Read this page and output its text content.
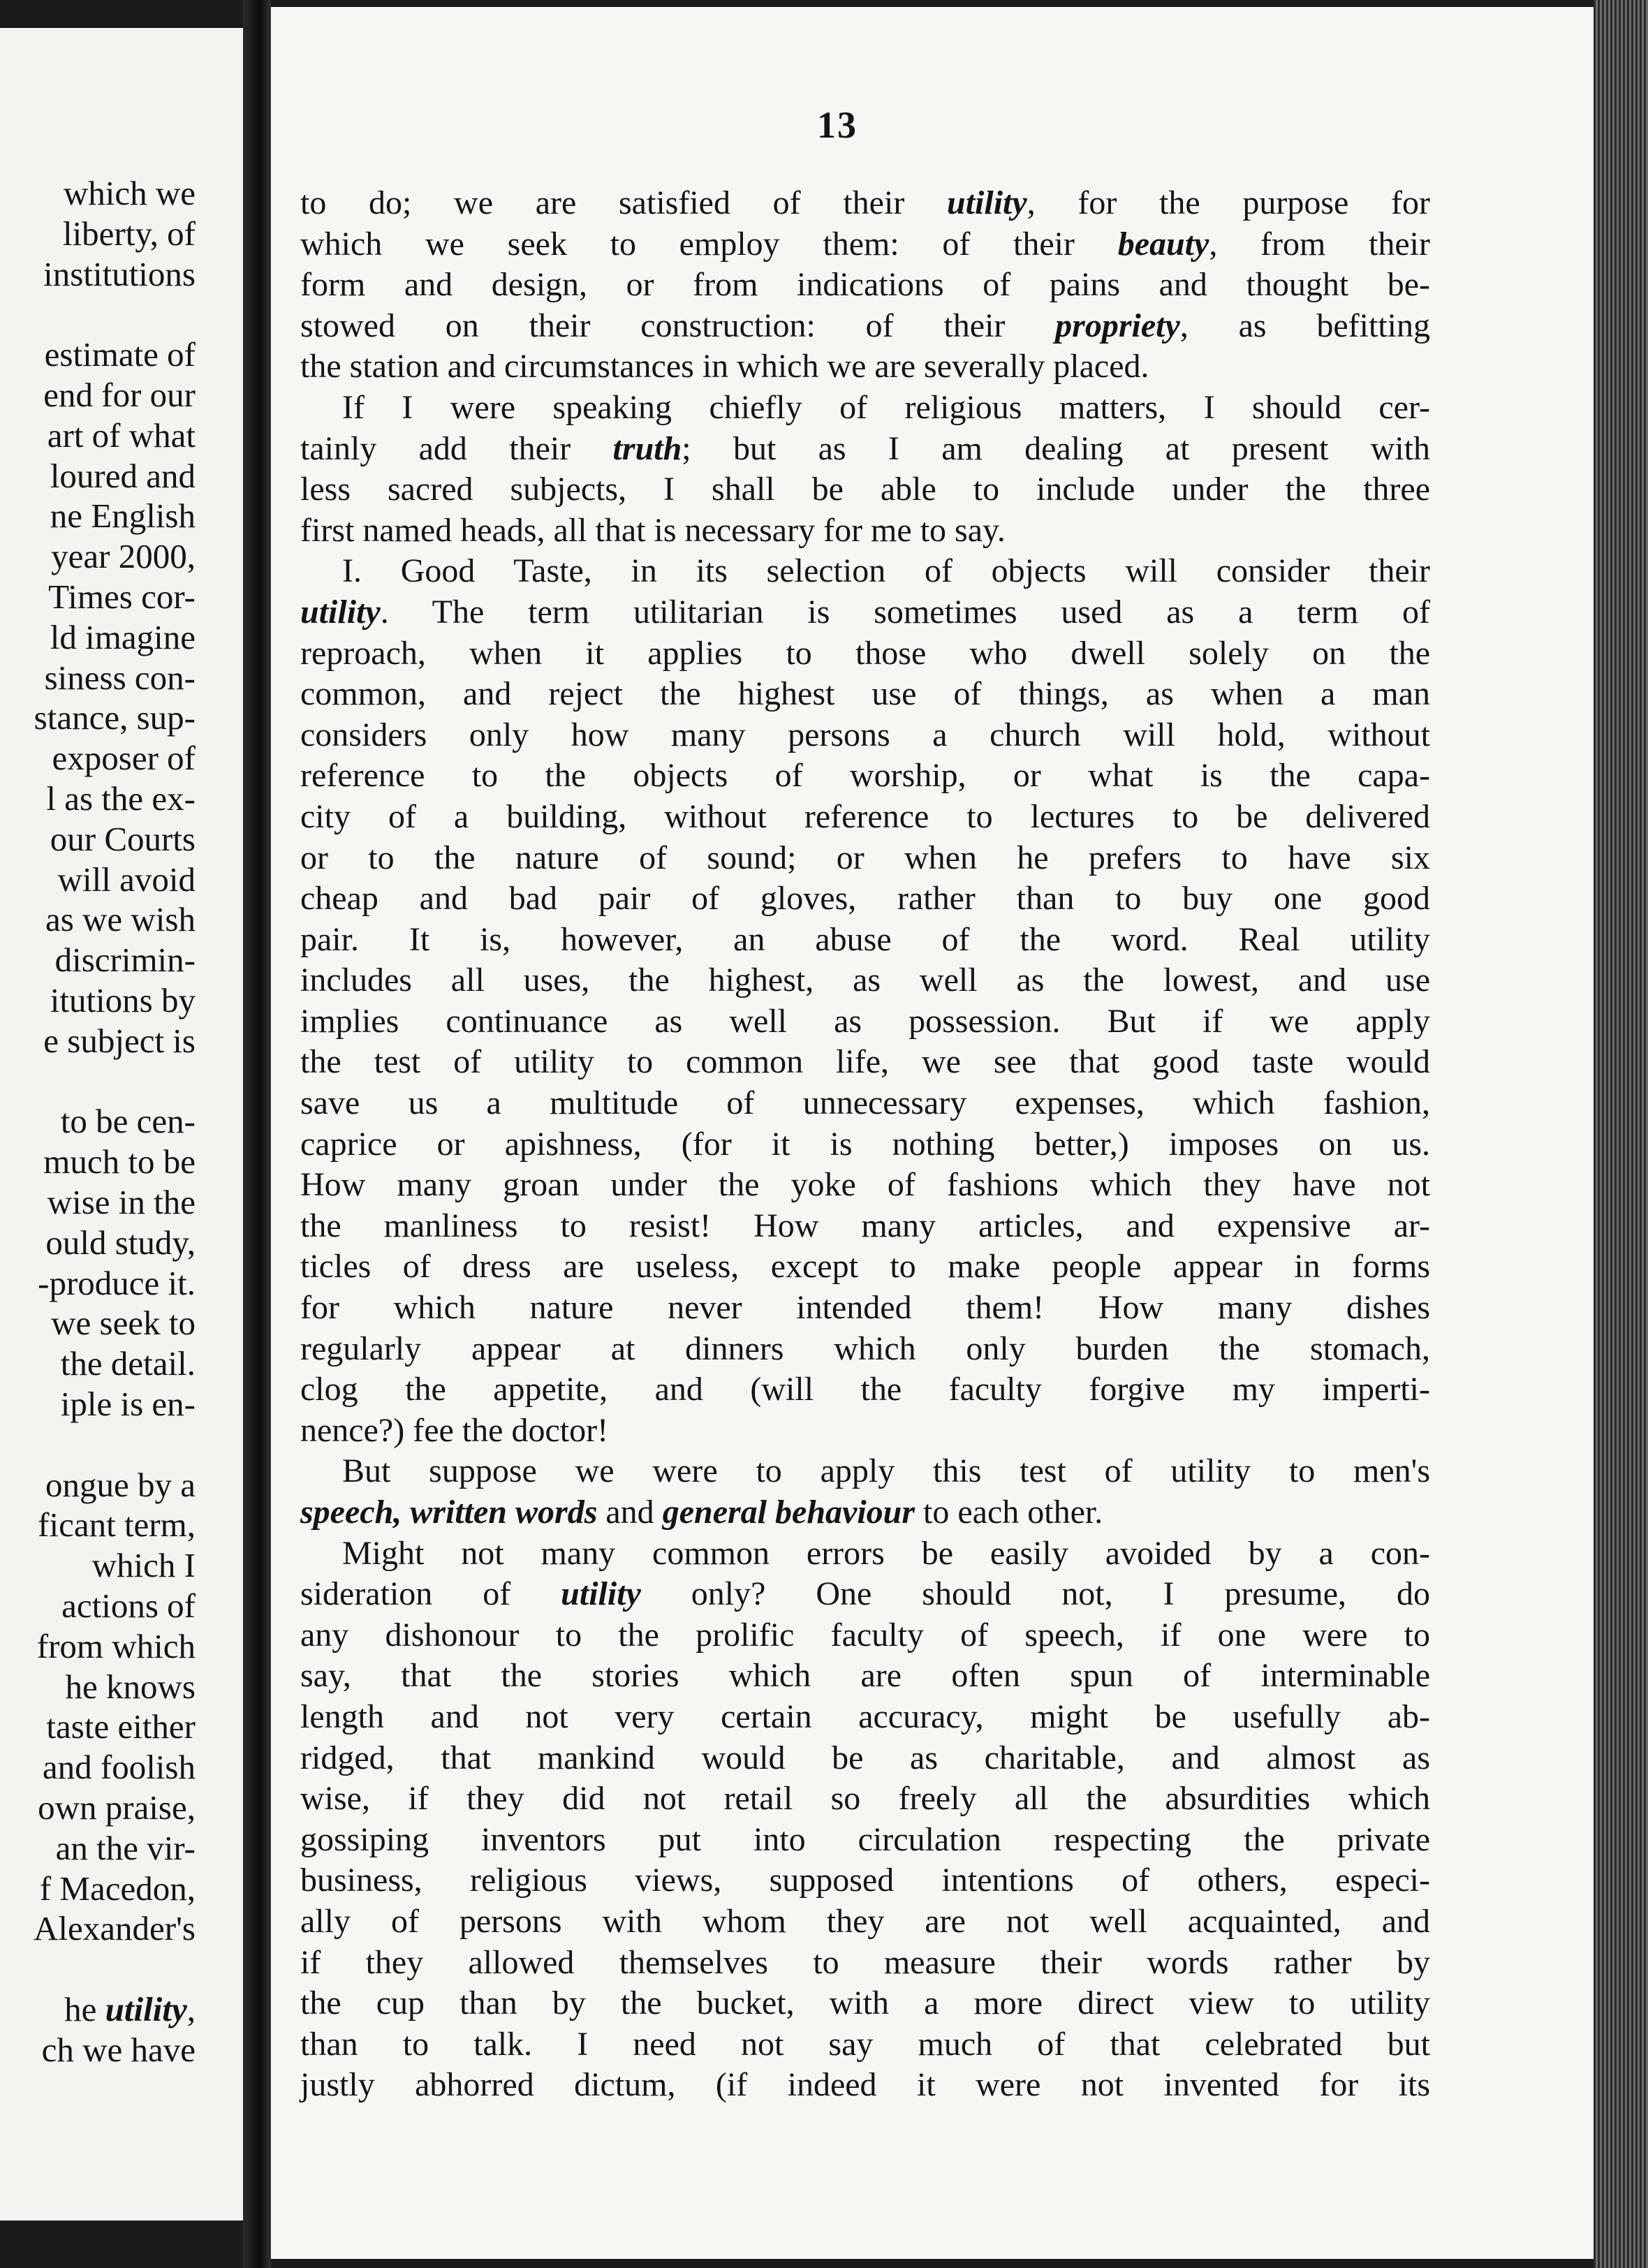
which we
liberty, of
institutions
estimate of
end for our
art of what
loured and
ne English
year 2000,
Times cor-
ld imagine
siness con-
stance, sup-
exposer of
l as the ex-
our Courts
will avoid
as we wish
discrimin-
itutions by
e subject is
to be cen-
much to be
wise in the
ould study,
-produce it.
we seek to
the detail.
iple is en-
ongue by a
ficant term,
which I
actions of
from which
he knows
taste either
and foolish
own praise,
an the vir-
f Macedon,
Alexander's
he utility,
ch we have
13
to do; we are satisfied of their utility, for the purpose for
which we seek to employ them: of their beauty, from their
form and design, or from indications of pains and thought be-
stowed on their construction: of their propriety, as befitting
the station and circumstances in which we are severally placed.
If I were speaking chiefly of religious matters, I should cer-
tainly add their truth; but as I am dealing at present with
less sacred subjects, I shall be able to include under the three
first named heads, all that is necessary for me to say.
I. Good Taste, in its selection of objects will consider their
utility. The term utilitarian is sometimes used as a term of
reproach, when it applies to those who dwell solely on the
common, and reject the highest use of things, as when a man
considers only how many persons a church will hold, without
reference to the objects of worship, or what is the capa-
city of a building, without reference to lectures to be delivered
or to the nature of sound; or when he prefers to have six
cheap and bad pair of gloves, rather than to buy one good
pair. It is, however, an abuse of the word. Real utility
includes all uses, the highest, as well as the lowest, and use
implies continuance as well as possession. But if we apply
the test of utility to common life, we see that good taste would
save us a multitude of unnecessary expenses, which fashion,
caprice or apishness, (for it is nothing better,) imposes on us.
How many groan under the yoke of fashions which they have not
the manliness to resist! How many articles, and expensive ar-
ticles of dress are useless, except to make people appear in forms
for which nature never intended them! How many dishes
regularly appear at dinners which only burden the stomach,
clog the appetite, and (will the faculty forgive my imperti-
nence?) fee the doctor!
But suppose we were to apply this test of utility to men's
speech, written words and general behaviour to each other.
Might not many common errors be easily avoided by a con-
sideration of utility only? One should not, I presume, do
any dishonour to the prolific faculty of speech, if one were to
say, that the stories which are often spun of interminable
length and not very certain accuracy, might be usefully ab-
ridged, that mankind would be as charitable, and almost as
wise, if they did not retail so freely all the absurdities which
gossiping inventors put into circulation respecting the private
business, religious views, supposed intentions of others, especi-
ally of persons with whom they are not well acquainted, and
if they allowed themselves to measure their words rather by
the cup than by the bucket, with a more direct view to utility
than to talk. I need not say much of that celebrated but
justly abhorred dictum, (if indeed it were not invented for its
